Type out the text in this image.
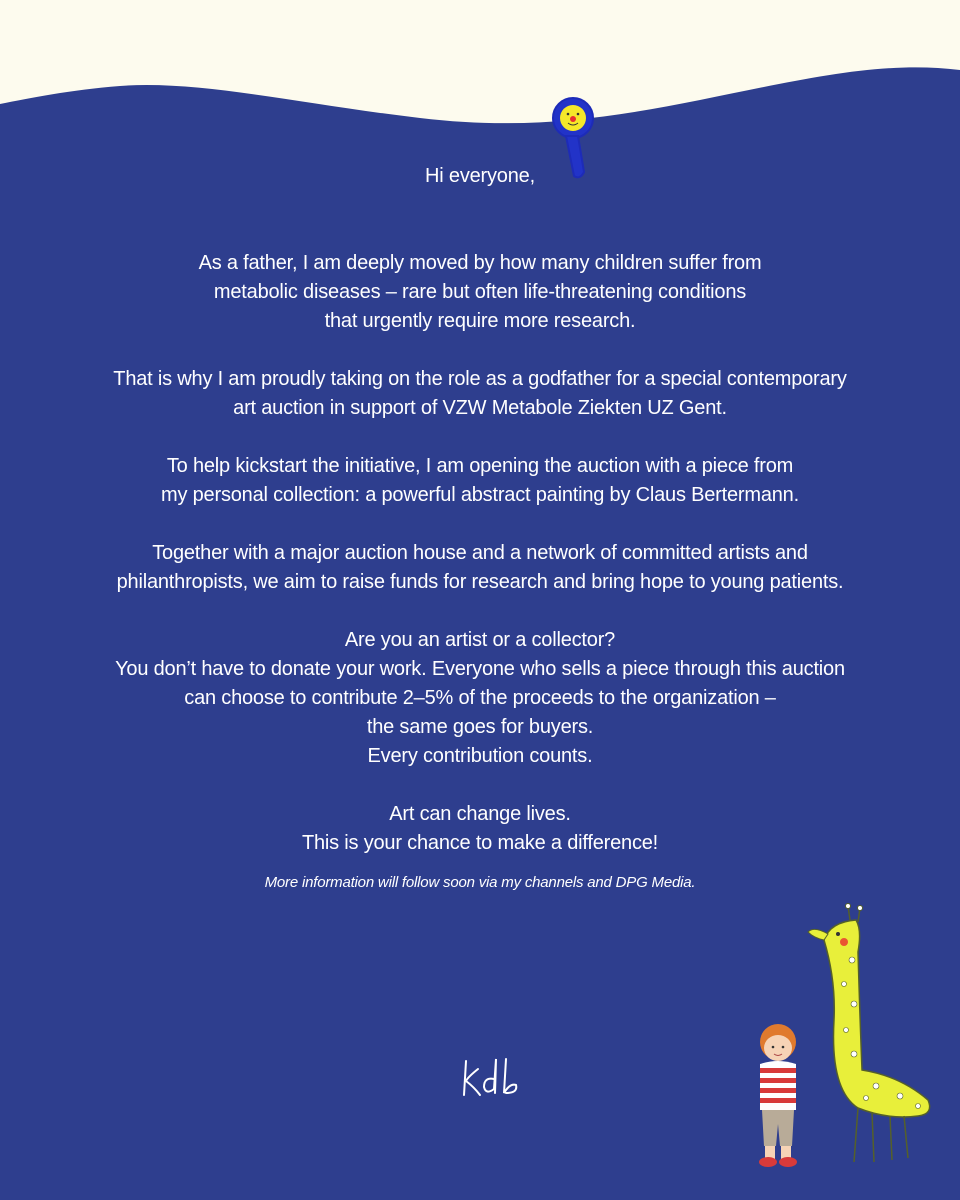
Hi everyone,

As a father, I am deeply moved by how many children suffer from
metabolic diseases – rare but often life-threatening conditions
that urgently require more research.

That is why I am proudly taking on the role as a godfather for a special contemporary
art auction in support of VZW Metabole Ziekten UZ Gent.

To help kickstart the initiative, I am opening the auction with a piece from
my personal collection: a powerful abstract painting by Claus Bertermann.

Together with a major auction house and a network of committed artists and
philanthropists, we aim to raise funds for research and bring hope to young patients.

Are you an artist or a collector?
You don’t have to donate your work. Everyone who sells a piece through this auction
can choose to contribute 2–5% of the proceeds to the organization –
the same goes for buyers.
Every contribution counts.

Art can change lives.
This is your chance to make a difference!

More information will follow soon via my channels and DPG Media.
